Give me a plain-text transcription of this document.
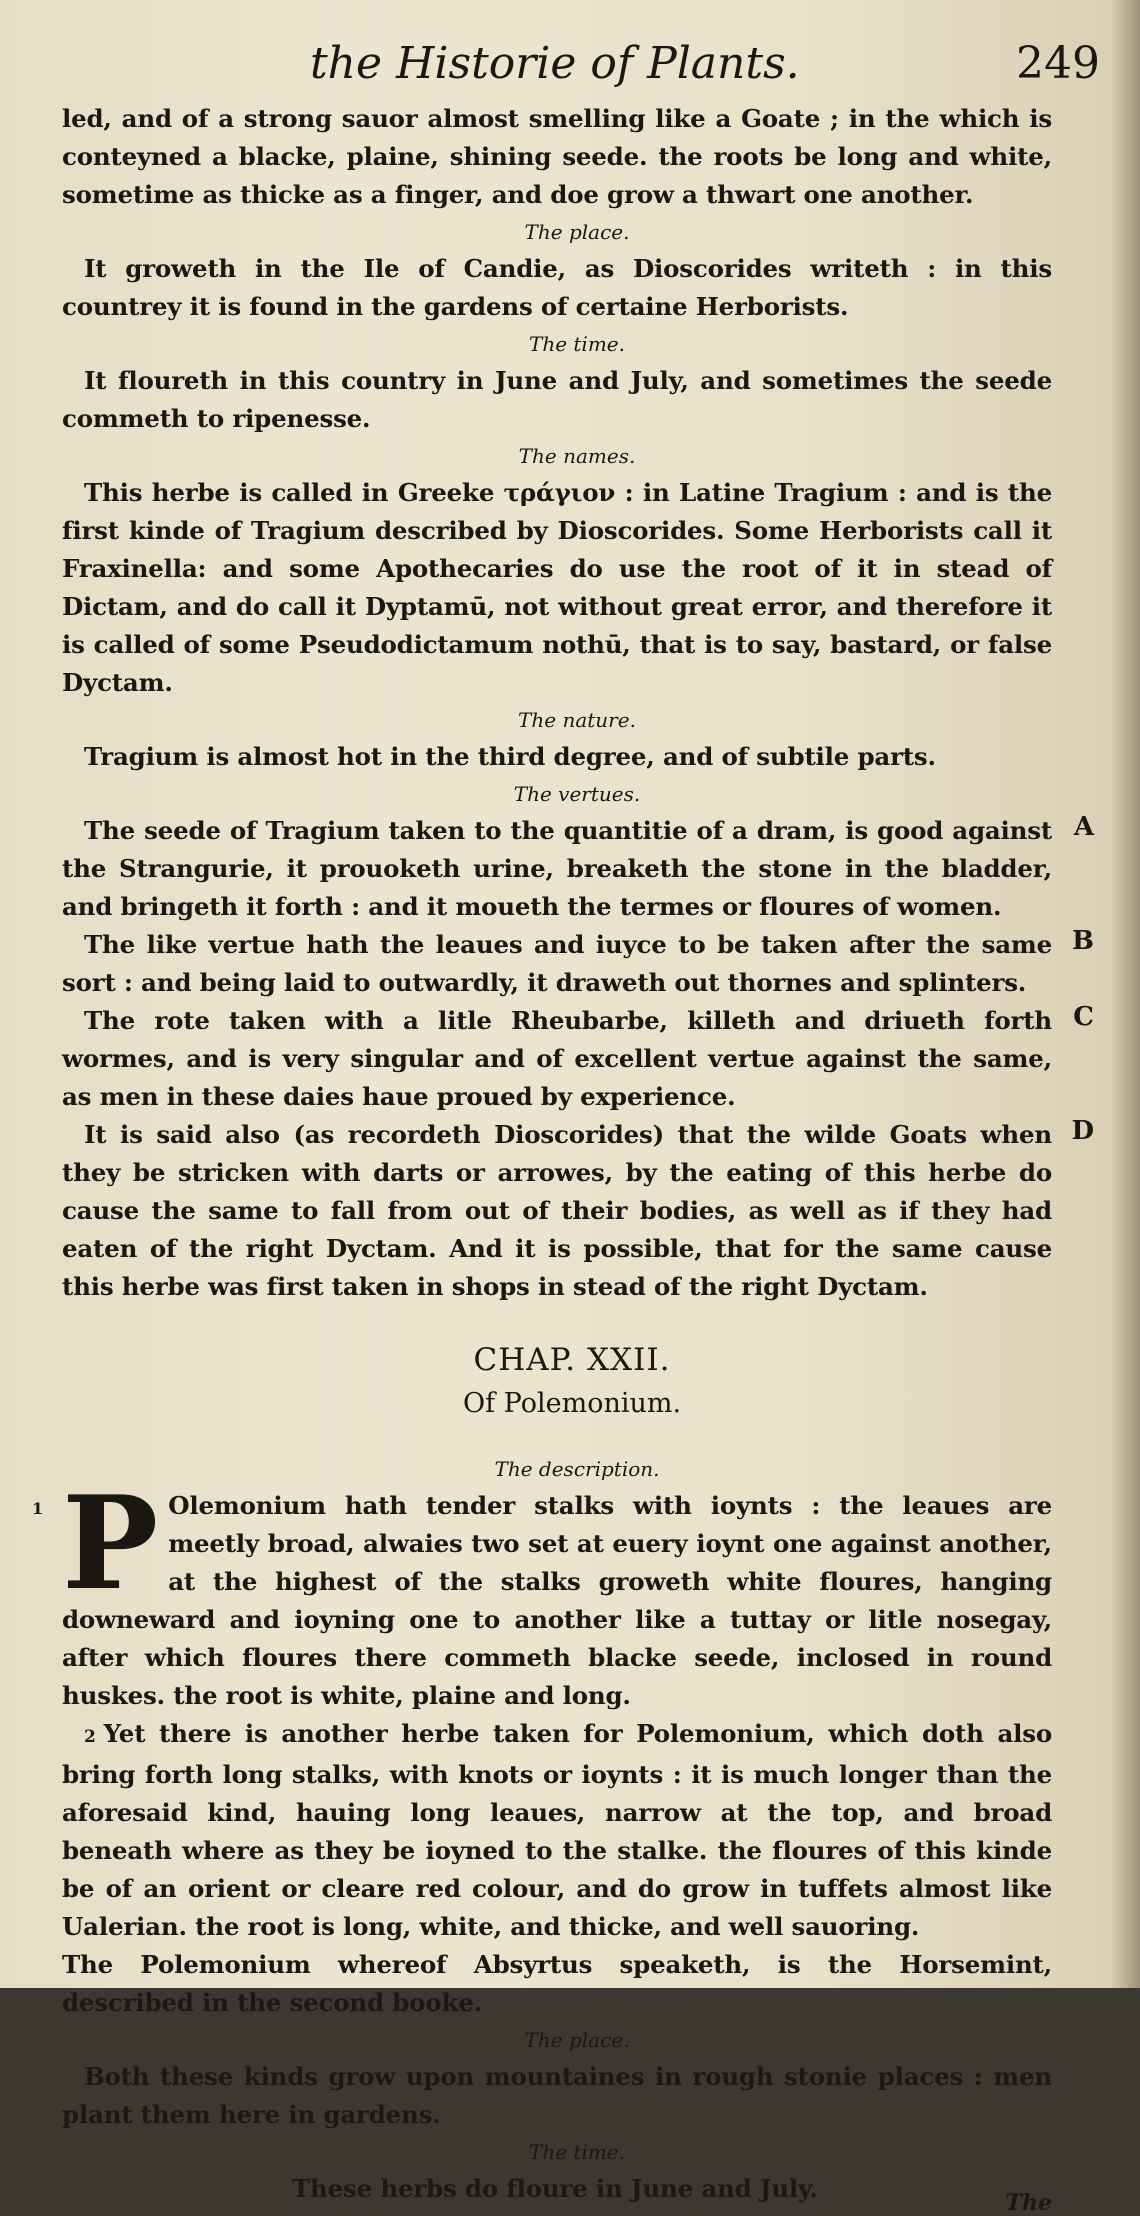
the Historie of Plants.	249

led, and of a strong sauor almost smelling like a Goate ; in the which is conteyned a blacke, plaine, shining seede. the roots be long and white, sometime as thicke as a finger, and doe grow a thwart one another.

The place.

It groweth in the Ile of Candie, as Dioscorides writeth : in this countrey it is found in the gardens of certaine Herborists.

The time.

It floureth in this country in June and July, and sometimes the seede commeth to ripenesse.

The names.

This herbe is called in Greeke τράγιον : in Latine Tragium : and is the first kinde of Tragium described by Dioscorides. Some Herborists call it Fraxinella: and some Apothecaries do use the root of it in stead of Dictam, and do call it Dyptamū, not without great error, and therefore it is called of some Pseudodictamum nothū, that is to say, bastard, or false Dyctam.

The nature.

Tragium is almost hot in the third degree, and of subtile parts.

The vertues.
A

The seede of Tragium taken to the quantitie of a dram, is good against the Strangurie, it prouoketh urine, breaketh the stone in the bladder, and bringeth it forth : and it moueth the termes or floures of women.

B

The like vertue hath the leaues and iuyce to be taken after the same sort : and being laid to outwardly, it draweth out thornes and splinters.

C

The rote taken with a litle Rheubarbe, killeth and driueth forth wormes, and is very singular and of excellent vertue against the same, as men in these daies haue proued by experience.

D

It is said also (as recordeth Dioscorides) that the wilde Goats when they be stricken with darts or arrowes, by the eating of this herbe do cause the same to fall from out of their bodies, as well as if they had eaten of the right Dyctam. And it is possible, that for the same cause this herbe was first taken in shops in stead of the right Dyctam.

CHAP. XXII.
Of Polemonium.
The description.
1 P Olemonium hath tender stalks with ioynts : the leaues are meetly broad, alwaies two set at euery ioynt one against another, at the highest of the stalks groweth white floures, hanging downeward and ioyning one to another like a tuttay or litle nosegay, after which floures there commeth blacke seede, inclosed in round huskes. the root is white, plaine and long.

2 Yet there is another herbe taken for Polemonium, which doth also bring forth long stalks, with knots or ioynts : it is much longer than the aforesaid kind, hauing long leaues, narrow at the top, and broad beneath where as they be ioyned to the stalke. the floures of this kinde be of an orient or cleare red colour, and do grow in tuffets almost like Ualerian. the root is long, white, and thicke, and well sauoring.

The Polemonium whereof Absyrtus speaketh, is the Horsemint, described in the second booke.

The place.

Both these kinds grow upon mountaines in rough stonie places : men plant them here in gardens.

The time.

These herbs do floure in June and July.	The
